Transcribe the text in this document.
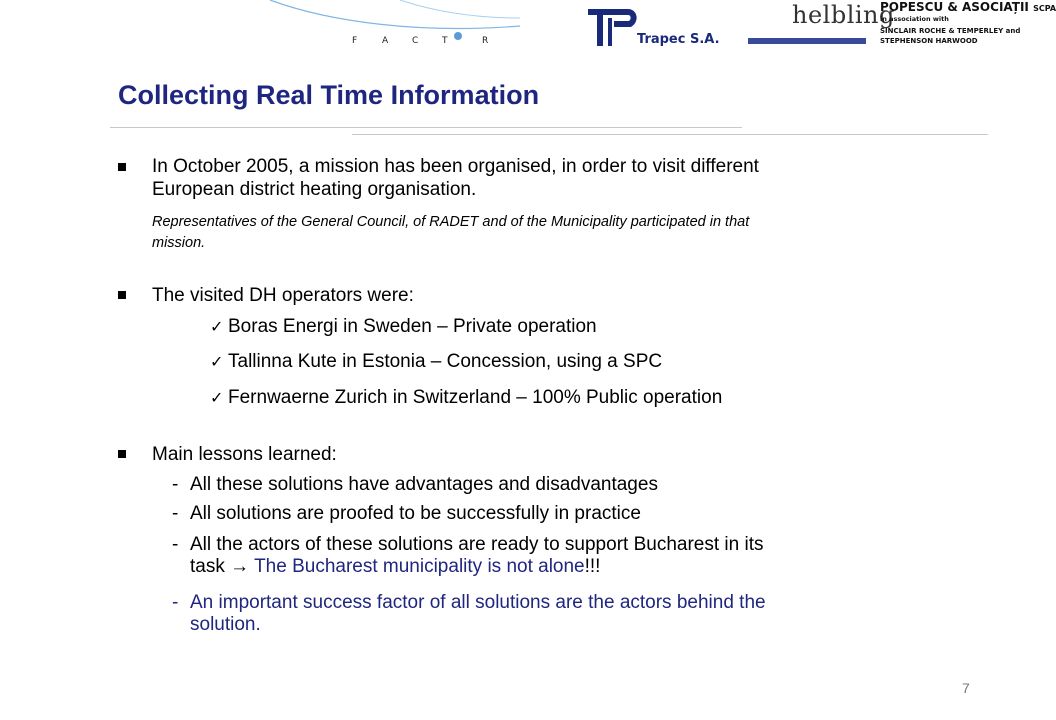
F A C T	R	Trapec S.A.
helbling
POPESCU & ASOCIAȚII SCPA
in association with
SINCLAIR ROCHE & TEMPERLEY and
STEPHENSON HARWOOD
Collecting Real Time Information
In October 2005, a mission has been organised, in order to visit different
European district heating organisation.
Representatives of the General Council, of RADET and of the Municipality participated in that
mission.
The visited DH operators were:
✓ Boras Energi in Sweden – Private operation
✓ Tallinna Kute in Estonia – Concession, using a SPC
✓ Fernwaerne Zurich in Switzerland – 100% Public operation
Main lessons learned:
- All these solutions have advantages and disadvantages
- All solutions are proofed to be successfully in practice
- All the actors of these solutions are ready to support Bucharest in its
task → The Bucharest municipality is not alone!!!
- An important success factor of all solutions are the actors behind the
solution.
7
